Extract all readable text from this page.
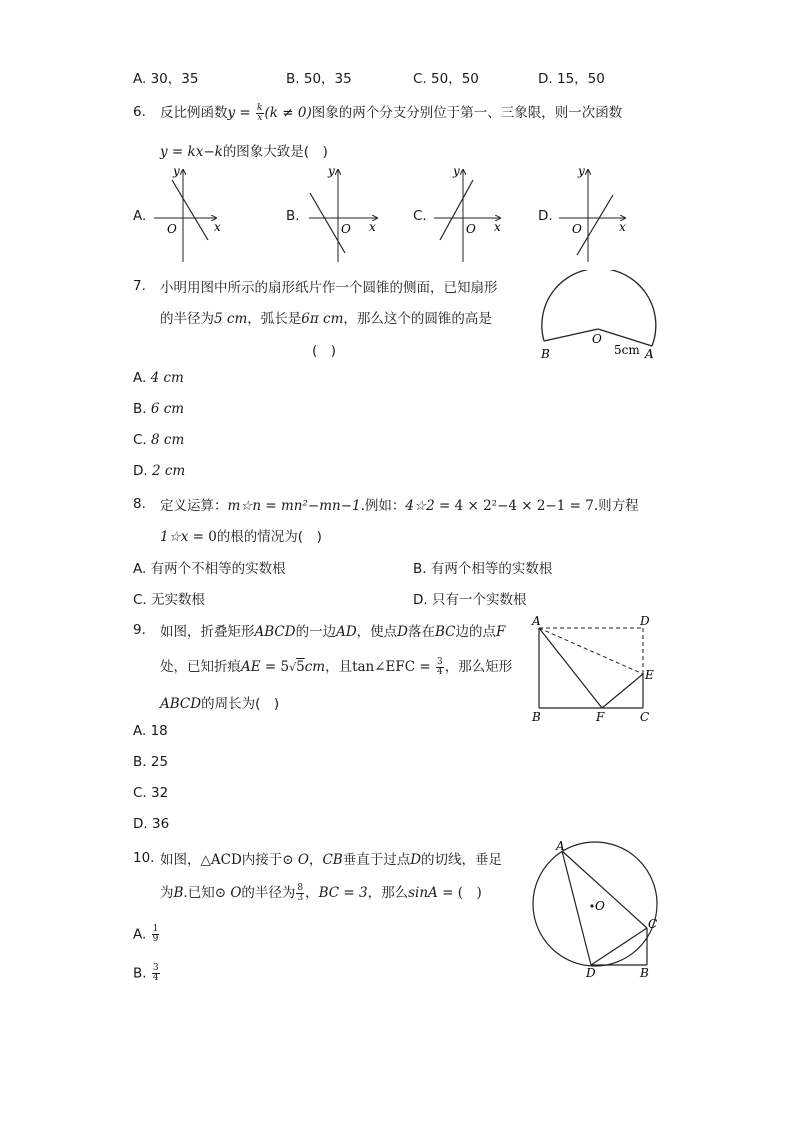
A. 30，35	B. 50，35	C. 50，50	D. 15，50
6. 反比例函数$y = \frac{k}{x} (k \ne 0)$图象的两个分支分别位于第一、三象限，则一次函数
y = kx−k的图象大致是(　)
A.	B.	C.	D.
y
x
O
y
x
O
y
x
O
y
x
O
7. 小明用图中所示的扇形纸片作一个圆锥的侧面，已知扇形
的半径为5 cm，弧长是6π cm，那么这个的圆锥的高是
(　)	B
O
5cm A
A. 4 cm
B. 6 cm
C. 8 cm
D. 2 cm
8. 定义运算：m☆n = mn²−mn−1.例如：4☆2 = 4 × 2²−4 × 2−1 = 7.则方程
1☆x = 0的根的情况为(　)
A. 有两个不相等的实数根	B. 有两个相等的实数根
C. 无实数根	D. 只有一个实数根
9. 如图，折叠矩形ABCD的一边AD，使点D落在BC边的点F
处，已知折痕AE = 5√5cm，且tan∠EFC = $\frac{3}{4}$ ，那么矩形
ABCD的周长为(　)
A	D
E
B	F	C
A. 18
B. 25
C. 32
D. 36
10. 如图，△ACD内接于⊙ O，CB垂直于过点D的切线，垂足
为B.已知⊙ O的半径为 $\frac{8}{3}$ ，BC = 3，那么sinA = (　)
A
O
C
D	B
A. $\frac{1}{9}$
B. $\frac{3}{4}$
